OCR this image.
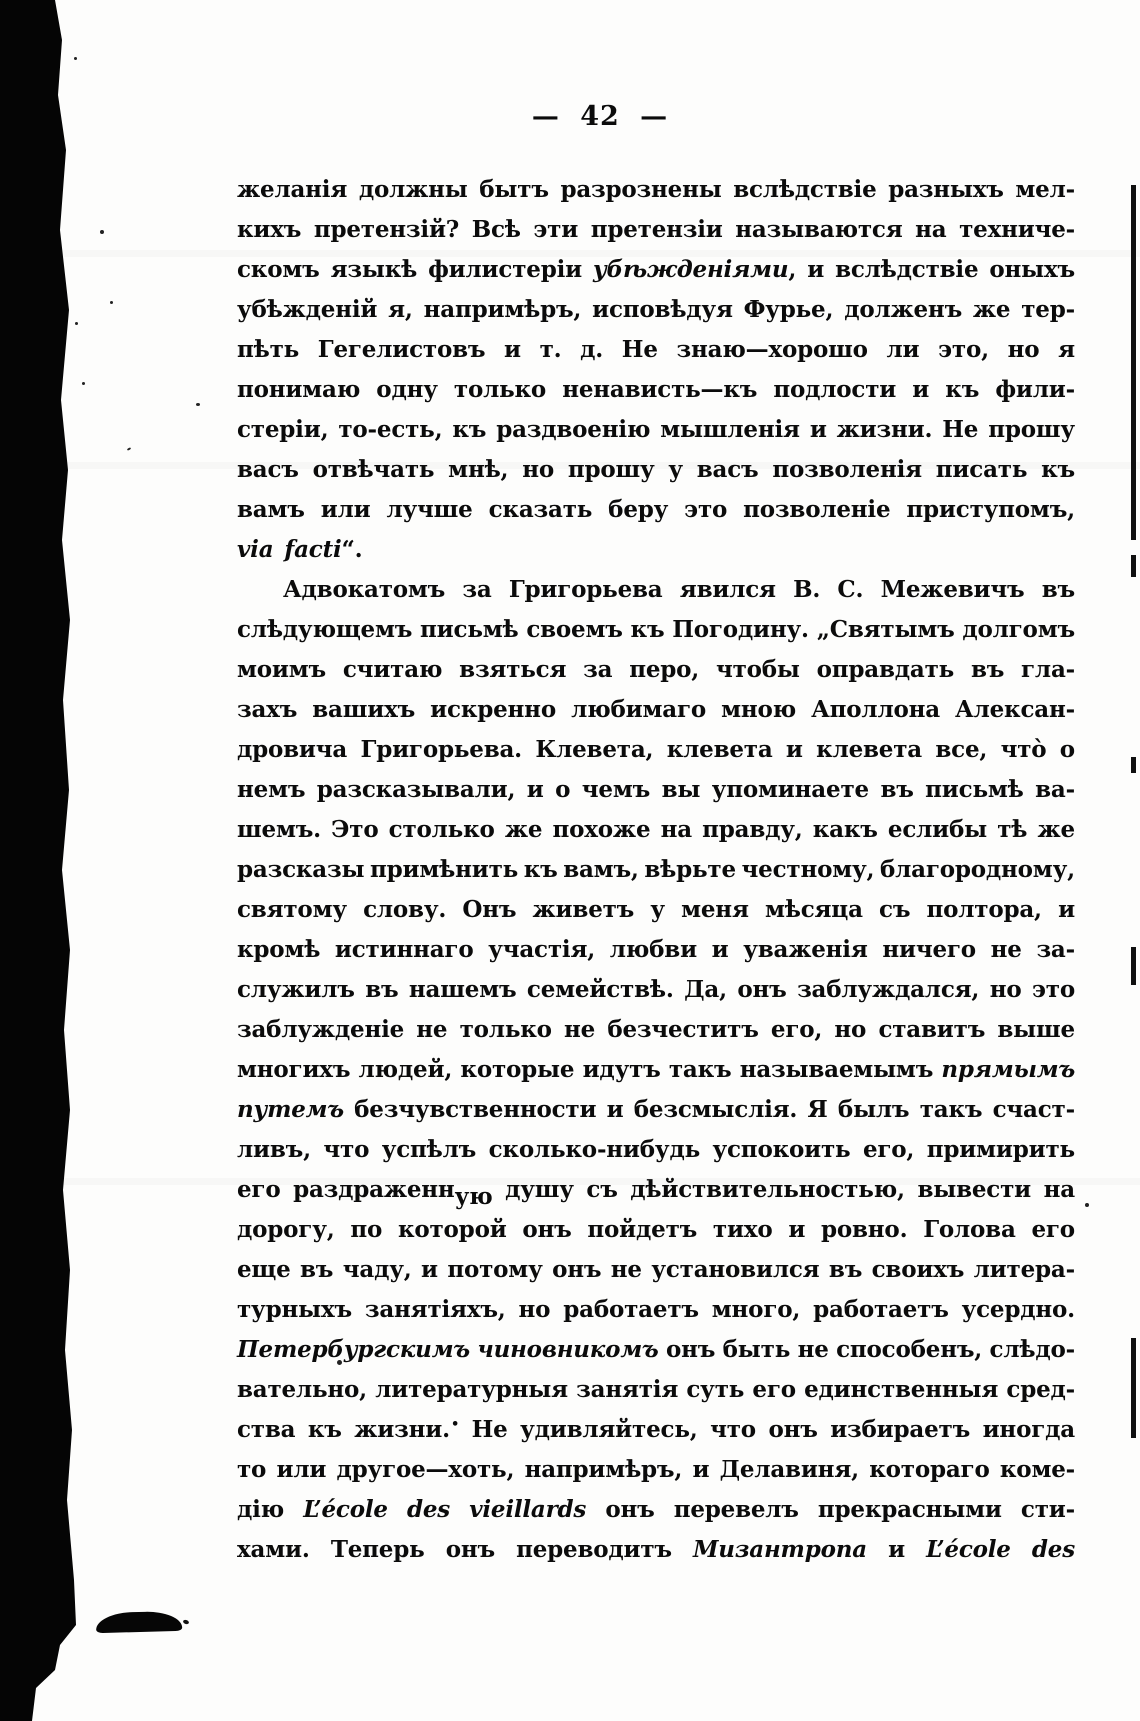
— 42 —
желанія должны бытъ разрознены вслѣдствіе разныхъ мел-
кихъ претензій? Всѣ эти претензіи называются на техниче-
скомъ языкѣ филистеріи убѣжденіями, и вслѣдствіе оныхъ
убѣжденій я, напримѣръ, исповѣдуя Фурье, долженъ же тер-
пѣть Гегелистовъ и т. д. Не знаю—хорошо ли это, но я
понимаю одну только ненависть—къ подлости и къ фили-
стеріи, то-есть, къ раздвоенію мышленія и жизни. Не прошу
васъ отвѣчать мнѣ, но прошу у васъ позволенія писать къ
вамъ или лучше сказать беру это позволеніе приступомъ,
via facti“.
Адвокатомъ за Григорьева явился В. С. Межевичъ въ
слѣдующемъ письмѣ своемъ къ Погодину. „Святымъ долгомъ
моимъ считаю взяться за перо, чтобы оправдать въ гла-
захъ вашихъ искренно любимаго мною Аполлона Алексан-
дровича Григорьева. Клевета, клевета и клевета все, чтò о
немъ разсказывали, и о чемъ вы упоминаете въ письмѣ ва-
шемъ. Это столько же похоже на правду, какъ еслибы тѣ же
разсказы примѣнить къ вамъ, вѣрьте честному, благородному,
святому слову. Онъ живетъ у меня мѣсяца съ полтора, и
кромѣ истиннаго участія, любви и уваженія ничего не за-
служилъ въ нашемъ семействѣ. Да, онъ заблуждался, но это
заблужденіе не только не безчеститъ его, но ставитъ выше
многихъ людей, которые идутъ такъ называемымъ прямымъ
путемъ безчувственности и безсмыслія. Я былъ такъ счаст-
ливъ, что успѣлъ сколько-нибудь успокоить его, примирить
его раздраженную душу съ дѣйствительностью, вывести на
дорогу, по которой онъ пойдетъ тихо и ровно. Голова его
еще въ чаду, и потому онъ не установился въ своихъ литера-
турныхъ занятіяхъ, но работаетъ много, работаетъ усердно.
Петербургскимъ чиновникомъ онъ быть не способенъ, слѣдо-
вательно, литературныя занятія суть его единственныя сред-
ства къ жизни.• Не удивляйтесь, что онъ избираетъ иногда
то или другое—хоть, напримѣръ, и Делавиня, котораго коме-
дію L’école des vieillards онъ перевелъ прекрасными сти-
хами. Теперь онъ переводитъ Мизантропа и L’école des
